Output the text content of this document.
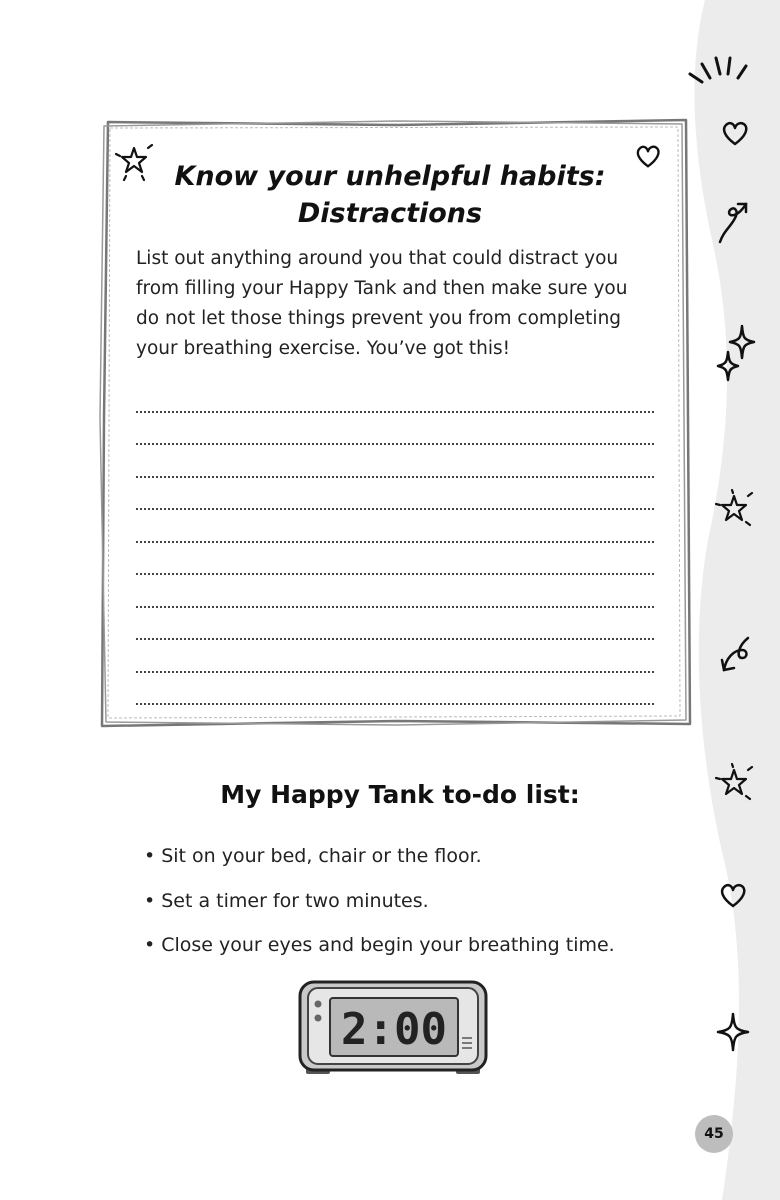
Know your unhelpful habits:
Distractions

List out anything around you that could distract you from filling your Happy Tank and then make sure you do not let those things prevent you from completing your breathing exercise. You’ve got this!

My Happy Tank to-do list:
• Sit on your bed, chair or the floor.
• Set a timer for two minutes.
• Close your eyes and begin your breathing time.
2:00
45
